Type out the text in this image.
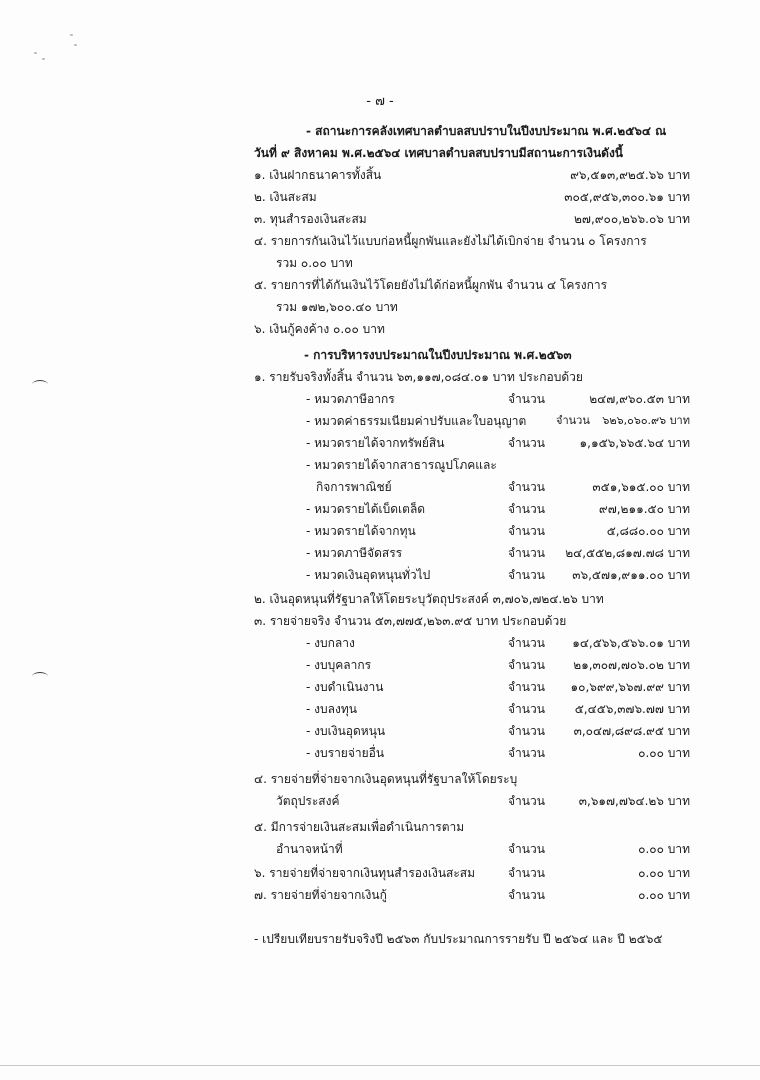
- ๗ -
- สถานะการคลังเทศบาลตำบลสบปราบในปีงบประมาณ พ.ศ.๒๕๖๔ ณ
วันที่ ๙ สิงหาคม พ.ศ.๒๕๖๔ เทศบาลตำบลสบปราบมีสถานะการเงินดังนี้
๑. เงินฝากธนาคารทั้งสิ้น	๙๖,๕๑๓,๙๒๕.๖๖ บาท
๒. เงินสะสม	๓๐๕,๙๕๖,๓๐๐.๖๑ บาท
๓. ทุนสำรองเงินสะสม	๒๗,๙๐๐,๒๖๖.๐๖ บาท
๔. รายการกันเงินไว้แบบก่อหนี้ผูกพันและยังไม่ได้เบิกจ่าย จำนวน ๐ โครงการ
รวม ๐.๐๐ บาท
๕. รายการที่ได้กันเงินไว้โดยยังไม่ได้ก่อหนี้ผูกพัน จำนวน ๔ โครงการ
รวม ๑๗๒,๖๐๐.๔๐ บาท
๖. เงินกู้คงค้าง ๐.๐๐ บาท
- การบริหารงบประมาณในปีงบประมาณ พ.ศ.๒๕๖๓
๑. รายรับจริงทั้งสิ้น จำนวน ๖๓,๑๑๗,๐๘๔.๐๑ บาท ประกอบด้วย
- หมวดภาษีอากร	จำนวน	๒๔๗,๙๖๐.๕๓ บาท
- หมวดค่าธรรมเนียมค่าปรับและใบอนุญาต	จำนวน	๖๒๖,๐๖๐.๙๖ บาท
- หมวดรายได้จากทรัพย์สิน	จำนวน	๑,๑๕๖,๖๖๕.๖๔ บาท
- หมวดรายได้จากสาธารณูปโภคและ
กิจการพาณิชย์	จำนวน	๓๕๑,๖๑๕.๐๐ บาท
- หมวดรายได้เบ็ดเตล็ด	จำนวน	๙๗,๒๑๑.๕๐ บาท
- หมวดรายได้จากทุน	จำนวน	๕,๘๘๐.๐๐ บาท
- หมวดภาษีจัดสรร	จำนวน	๒๔,๕๕๒,๘๑๗.๗๘ บาท
- หมวดเงินอุดหนุนทั่วไป	จำนวน	๓๖,๕๗๑,๙๑๑.๐๐ บาท
๒. เงินอุดหนุนที่รัฐบาลให้โดยระบุวัตถุประสงค์ ๓,๗๐๖,๗๒๔.๒๖ บาท
๓. รายจ่ายจริง จำนวน ๕๓,๗๗๕,๒๖๓.๙๕ บาท ประกอบด้วย
- งบกลาง	จำนวน	๑๔,๕๖๖,๕๖๖.๐๑ บาท
- งบบุคลากร	จำนวน	๒๑,๓๐๗,๗๐๖.๐๒ บาท
- งบดำเนินงาน	จำนวน	๑๐,๖๙๙,๖๖๗.๙๙ บาท
- งบลงทุน	จำนวน	๕,๔๕๖,๓๗๖.๗๗ บาท
- งบเงินอุดหนุน	จำนวน	๓,๐๔๗,๘๙๘.๙๕ บาท
- งบรายจ่ายอื่น	จำนวน	๐.๐๐ บาท
๔. รายจ่ายที่จ่ายจากเงินอุดหนุนที่รัฐบาลให้โดยระบุ
วัตถุประสงค์	จำนวน	๓,๖๑๗,๗๖๔.๒๖ บาท
๕. มีการจ่ายเงินสะสมเพื่อดำเนินการตาม
อำนาจหน้าที่	จำนวน	๐.๐๐ บาท
๖. รายจ่ายที่จ่ายจากเงินทุนสำรองเงินสะสม	จำนวน	๐.๐๐ บาท
๗. รายจ่ายที่จ่ายจากเงินกู้	จำนวน	๐.๐๐ บาท
- เปรียบเทียบรายรับจริงปี ๒๕๖๓ กับประมาณการรายรับ ปี ๒๕๖๔ และ ปี ๒๕๖๕
